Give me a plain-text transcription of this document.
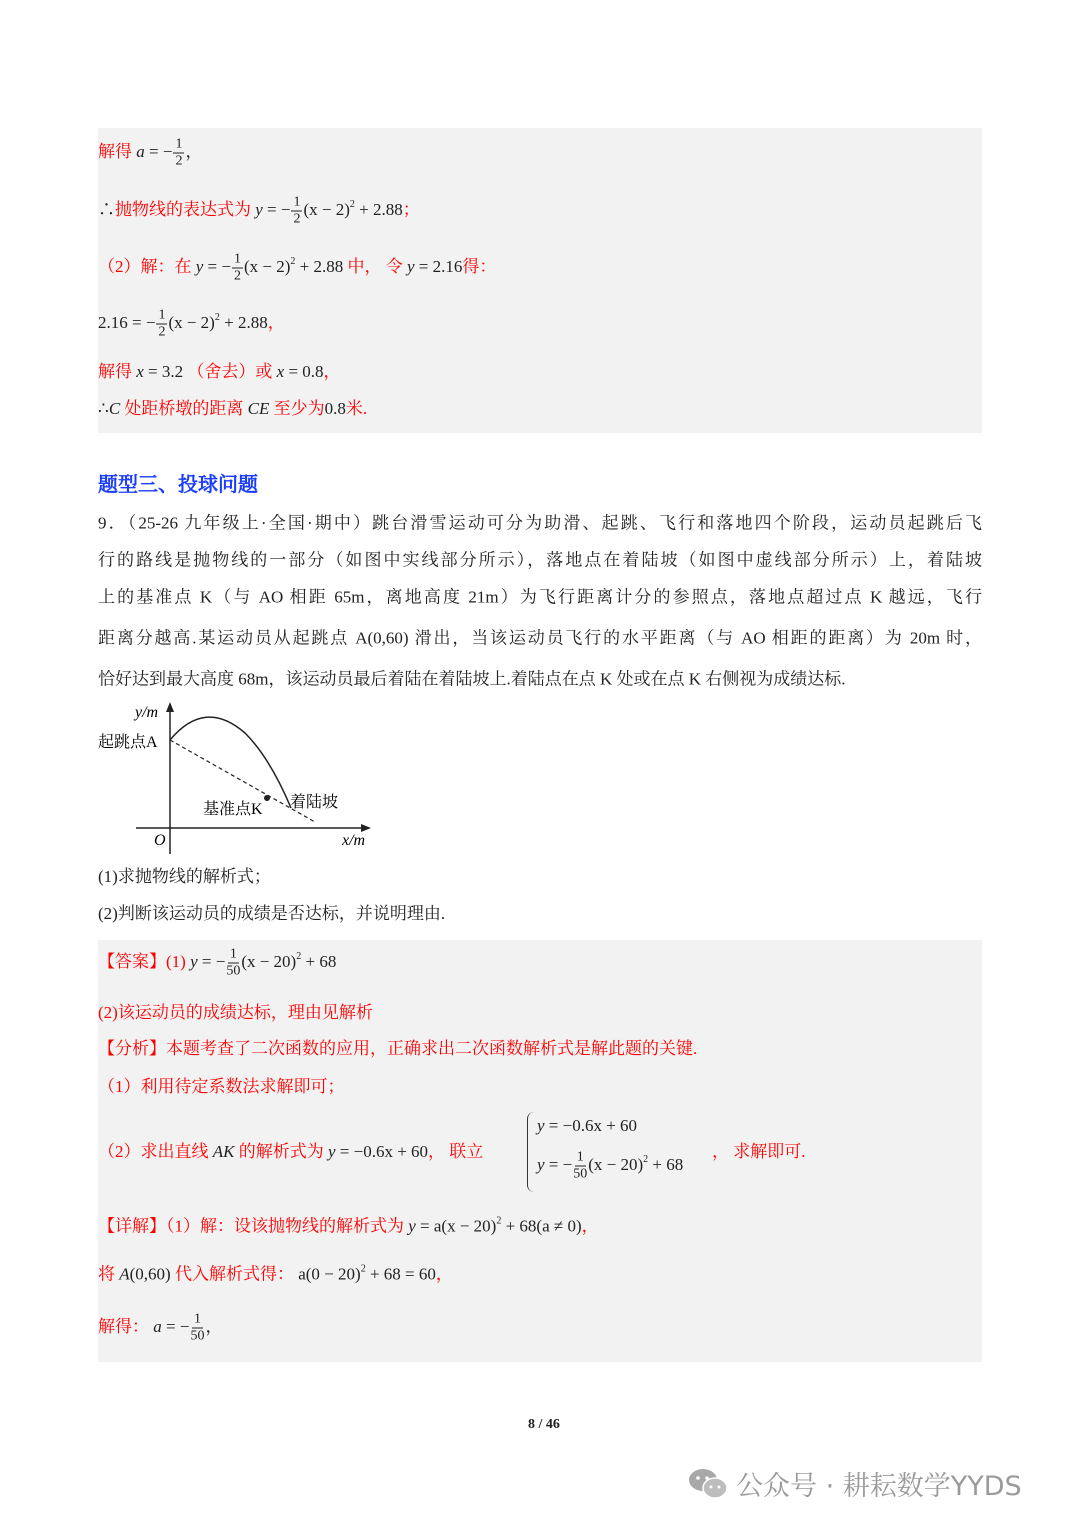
解得 a = − $\frac{1}{2}$ ，
∴抛物线的表达式为 y = − $\frac{1}{2} (x - 2)^2 + 2.88$；
（2）解：在 y = − $\frac{1}{2} (x - 2)^2 + 2.88$ 中， 令 y = 2.16得：
2.16 = − $\frac{1}{2} (x - 2)^2 + 2.88$，
解得 x = 3.2 （舍去）或 x = 0.8，
∴C 处距桥墩的距离 CE 至少为0.8米.
题型三、投球问题
9．（25-26 九年级上·全国·期中）跳台滑雪运动可分为助滑、起跳、飞行和落地四个阶段，运动员起跳后飞
行的路线是抛物线的一部分（如图中实线部分所示），落地点在着陆坡（如图中虚线部分所示）上，着陆坡
上的基准点 K（与 AO 相距 65m，离地高度 21m）为飞行距离计分的参照点，落地点超过点 K 越远，飞行
距离分越高.某运动员从起跳点 A(0,60) 滑出，当该运动员飞行的水平距离（与 AO 相距的距离）为 20m 时，
恰好达到最大高度 68m，该运动员最后着陆在着陆坡上.着陆点在点 K 处或在点 K 右侧视为成绩达标.
y/m
起跳点A
O	x/m
基准点K 着陆坡
(1)求抛物线的解析式；
(2)判断该运动员的成绩是否达标，并说明理由.
【答案】(1) y = − $\frac{1}{50} (x - 20)^2 + 68$
(2)该运动员的成绩达标，理由见解析
【分析】本题考查了二次函数的应用，正确求出二次函数解析式是解此题的关键.
（1）利用待定系数法求解即可；
（2）求出直线 AK 的解析式为 y = −0.6x + 60， 联立
y = −0.6x + 60
y = − $\frac{1}{50} (x - 20)^2 + 68$
， 求解即可.
【详解】（1）解：设该抛物线的解析式为 $y = a(x - 20)^2 + 68(a \ne 0)$，
将 A(0,60) 代入解析式得： $a(0 - 20)^2 + 68 = 60$，
解得： a = − $\frac{1}{50}$ ，
8 / 46
公众号 · 耕耘数学YYDS
